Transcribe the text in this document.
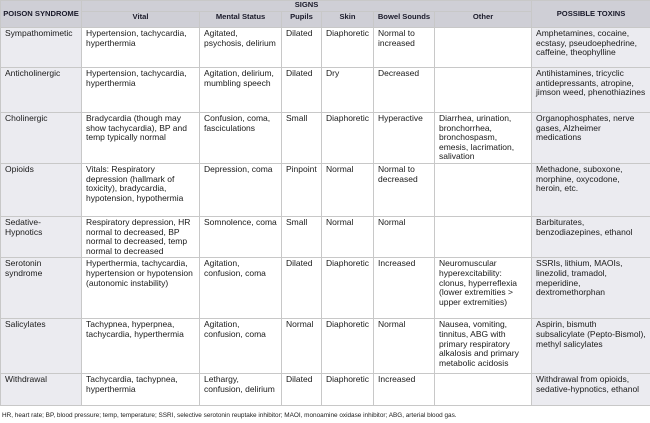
POISON SYNDROME	SIGNS						POSSIBLE TOXINS
	Vital	Mental Status	Pupils	Skin	Bowel Sounds	Other	
Sympathomimetic	Hypertension, tachycardia, hyperthermia	Agitated, psychosis, delirium	Dilated	Diaphoretic	Normal to increased		Amphetamines, cocaine, ecstasy, pseudoephedrine, caffeine, theophylline
Anticholinergic	Hypertension, tachycardia, hyperthermia	Agitation, delirium, mumbling speech	Dilated	Dry	Decreased		Antihistamines, tricyclic antidepressants, atropine, jimson weed, phenothiazines
Cholinergic	Bradycardia (though may show tachycardia), BP and temp typically normal	Confusion, coma, fasciculations	Small	Diaphoretic	Hyperactive	Diarrhea, urination, bronchorrhea, bronchospasm, emesis, lacrimation, salivation	Organophosphates, nerve gases, Alzheimer medications
Opioids	Vitals: Respiratory depression (hallmark of toxicity), bradycardia, hypotension, hypothermia	Depression, coma	Pinpoint	Normal	Normal to decreased		Methadone, suboxone, morphine, oxycodone, heroin, etc.
Sedative-Hypnotics	Respiratory depression, HR normal to decreased, BP normal to decreased, temp normal to decreased	Somnolence, coma	Small	Normal	Normal		Barbiturates, benzodiazepines, ethanol
Serotonin syndrome	Hyperthermia, tachycardia, hypertension or hypotension (autonomic instability)	Agitation, confusion, coma	Dilated	Diaphoretic	Increased	Neuromuscular hyperexcitability: clonus, hyperreflexia (lower extremities > upper extremities)	SSRIs, lithium, MAOIs, linezolid, tramadol, meperidine, dextromethorphan
Salicylates	Tachypnea, hyperpnea, tachycardia, hyperthermia	Agitation, confusion, coma	Normal	Diaphoretic	Normal	Nausea, vomiting, tinnitus, ABG with primary respiratory alkalosis and primary metabolic acidosis	Aspirin, bismuth subsalicylate (Pepto-Bismol), methyl salicylates
Withdrawal	Tachycardia, tachypnea, hyperthermia	Lethargy, confusion, delirium	Dilated	Diaphoretic	Increased		Withdrawal from opioids, sedative-hypnotics, ethanol
HR, heart rate; BP, blood pressure; temp, temperature; SSRI, selective serotonin reuptake inhibitor; MAOI, monoamine oxidase inhibitor; ABG, arterial blood gas.
